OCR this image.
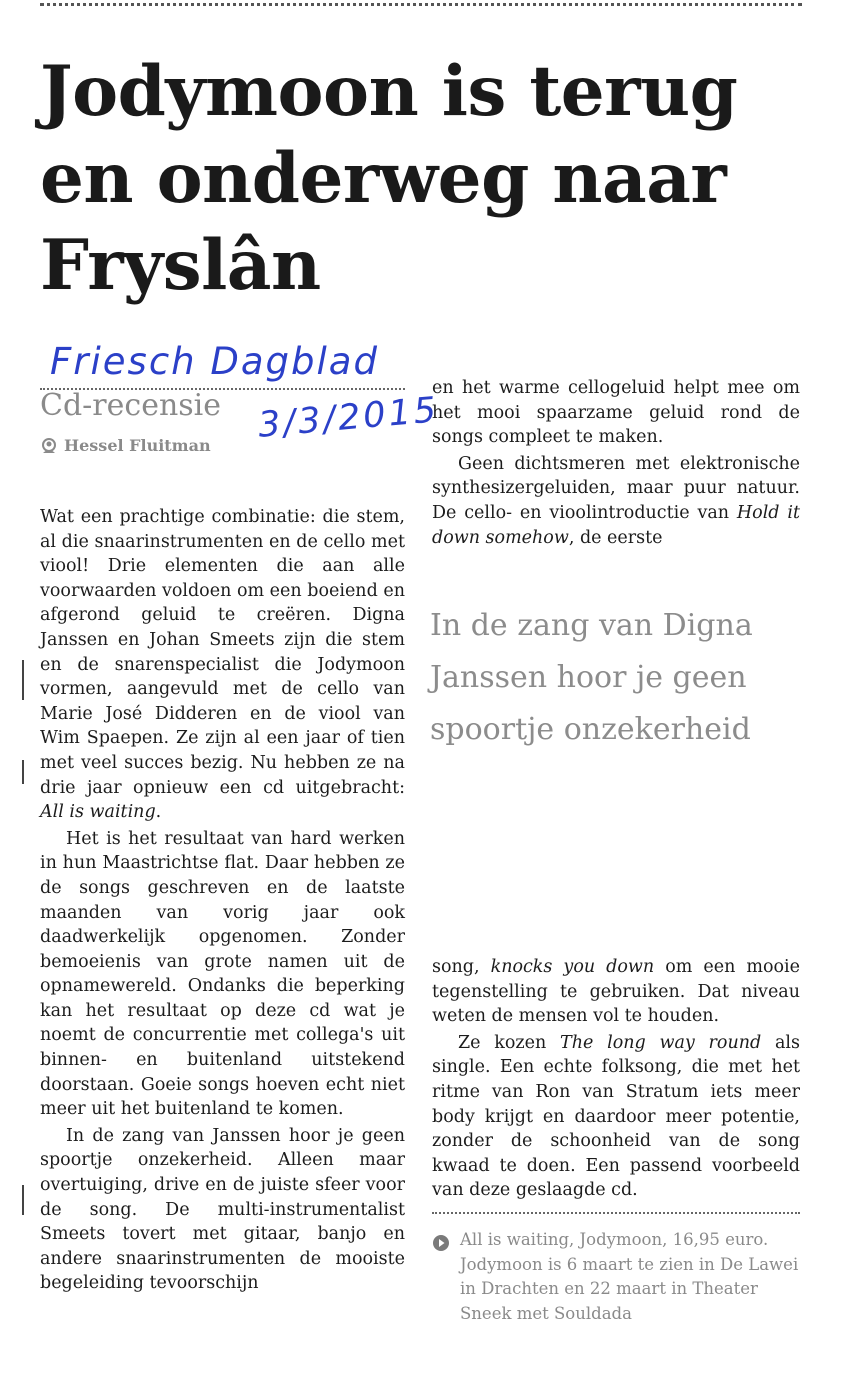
Jodymoon is terug
en onderweg naar
Fryslân
Friesch Dagblad
3/3/2015
Cd-recensie
Hessel Fluitman

Wat een prachtige combinatie: die stem, al die snaarinstrumenten en de cello met viool! Drie elementen die aan alle voorwaarden voldoen om een boeiend en afgerond geluid te creëren. Digna Janssen en Johan Smeets zijn die stem en de snarenspecialist die Jodymoon vormen, aangevuld met de cello van Marie José Didderen en de viool van Wim Spaepen. Ze zijn al een jaar of tien met veel succes bezig. Nu hebben ze na drie jaar opnieuw een cd uitgebracht: All is waiting.

Het is het resultaat van hard werken in hun Maastrichtse flat. Daar hebben ze de songs geschreven en de laatste maanden van vorig jaar ook daadwerkelijk opgenomen. Zonder bemoeienis van grote namen uit de opnamewereld. Ondanks die beperking kan het resultaat op deze cd wat je noemt de concurrentie met collega's uit binnen- en buitenland uitstekend doorstaan. Goeie songs hoeven echt niet meer uit het buitenland te komen.

In de zang van Janssen hoor je geen spoortje onzekerheid. Alleen maar overtuiging, drive en de juiste sfeer voor de song. De multi-instrumentalist Smeets tovert met gitaar, banjo en andere snaarinstrumenten de mooiste begeleiding tevoorschijn

en het warme cellogeluid helpt mee om het mooi spaarzame geluid rond de songs compleet te maken.

Geen dichtsmeren met elektronische synthesizergeluiden, maar puur natuur. De cello- en vioolintroductie van Hold it down somehow, de eerste

In de zang van Digna Janssen hoor je geen spoortje onzekerheid

song, knocks you down om een mooie tegenstelling te gebruiken. Dat niveau weten de mensen vol te houden.

Ze kozen The long way round als single. Een echte folksong, die met het ritme van Ron van Stratum iets meer body krijgt en daardoor meer potentie, zonder de schoonheid van de song kwaad te doen. Een passend voorbeeld van deze geslaagde cd.

All is waiting, Jodymoon, 16,95 euro. Jodymoon is 6 maart te zien in De Lawei in Drachten en 22 maart in Theater Sneek met Souldada
